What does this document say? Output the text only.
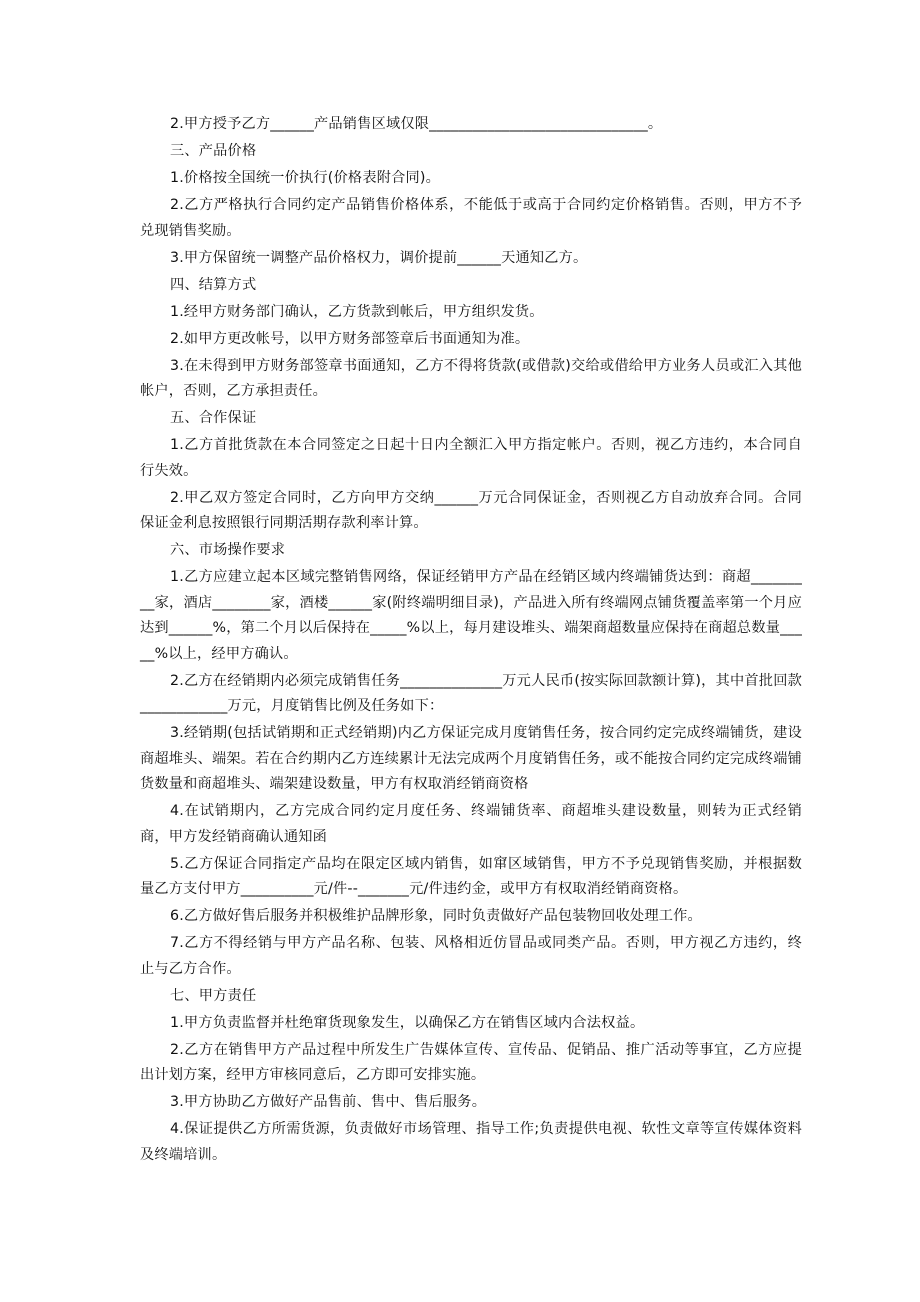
2.甲方授予乙方______产品销售区域仅限______________________________。

三、产品价格

1.价格按全国统一价执行(价格表附合同)。

2.乙方严格执行合同约定产品销售价格体系，不能低于或高于合同约定价格销售。否则，甲方不予兑现销售奖励。

3.甲方保留统一调整产品价格权力，调价提前______天通知乙方。

四、结算方式

1.经甲方财务部门确认，乙方货款到帐后，甲方组织发货。

2.如甲方更改帐号，以甲方财务部签章后书面通知为准。

3.在未得到甲方财务部签章书面通知，乙方不得将货款(或借款)交给或借给甲方业务人员或汇入其他帐户，否则，乙方承担责任。

五、合作保证

1.乙方首批货款在本合同签定之日起十日内全额汇入甲方指定帐户。否则，视乙方违约，本合同自行失效。

2.甲乙双方签定合同时，乙方向甲方交纳______万元合同保证金，否则视乙方自动放弃合同。合同保证金利息按照银行同期活期存款利率计算。

六、市场操作要求

1.乙方应建立起本区域完整销售网络，保证经销甲方产品在经销区域内终端铺货达到：商超_________家，酒店________家，酒楼______家(附终端明细目录)，产品进入所有终端网点铺货覆盖率第一个月应达到______%，第二个月以后保持在_____%以上，每月建设堆头、端架商超数量应保持在商超总数量_____%以上，经甲方确认。

2.乙方在经销期内必须完成销售任务______________万元人民币(按实际回款额计算)，其中首批回款____________万元，月度销售比例及任务如下：

3.经销期(包括试销期和正式经销期)内乙方保证完成月度销售任务，按合同约定完成终端铺货，建设商超堆头、端架。若在合约期内乙方连续累计无法完成两个月度销售任务，或不能按合同约定完成终端铺货数量和商超堆头、端架建设数量，甲方有权取消经销商资格

4.在试销期内，乙方完成合同约定月度任务、终端铺货率、商超堆头建设数量，则转为正式经销商，甲方发经销商确认通知函

5.乙方保证合同指定产品均在限定区域内销售，如窜区域销售，甲方不予兑现销售奖励，并根据数量乙方支付甲方__________元/件--_______元/件违约金，或甲方有权取消经销商资格。

6.乙方做好售后服务并积极维护品牌形象，同时负责做好产品包装物回收处理工作。

7.乙方不得经销与甲方产品名称、包装、风格相近仿冒品或同类产品。否则，甲方视乙方违约，终止与乙方合作。

七、甲方责任

1.甲方负责监督并杜绝窜货现象发生，以确保乙方在销售区域内合法权益。

2.乙方在销售甲方产品过程中所发生广告媒体宣传、宣传品、促销品、推广活动等事宜，乙方应提出计划方案，经甲方审核同意后，乙方即可安排实施。

3.甲方协助乙方做好产品售前、售中、售后服务。

4.保证提供乙方所需货源，负责做好市场管理、指导工作;负责提供电视、软性文章等宣传媒体资料及终端培训。
